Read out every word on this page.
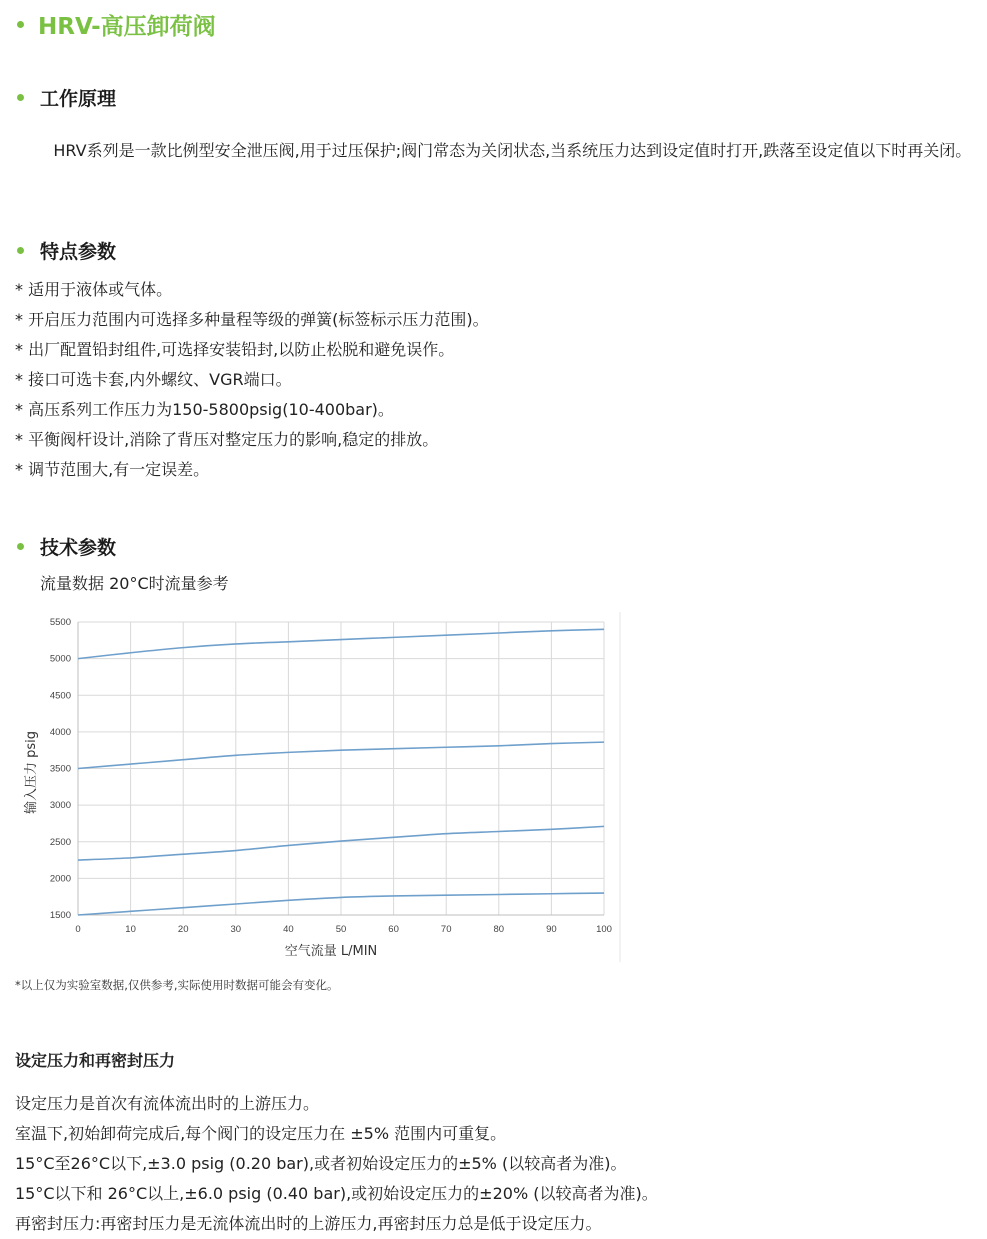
HRV-高压卸荷阀
工作原理
HRV系列是一款比例型安全泄压阀,用于过压保护;阀门常态为关闭状态,当系统压力达到设定值时打开,跌落至设定值以下时再关闭。
特点参数
* 适用于液体或气体。
* 开启压力范围内可选择多种量程等级的弹簧(标签标示压力范围)。
* 出厂配置铅封组件,可选择安装铅封,以防止松脱和避免误作。
* 接口可选卡套,内外螺纹、VGR端口。
* 高压系列工作压力为150-5800psig(10-400bar)。
* 平衡阀杆设计,消除了背压对整定压力的影响,稳定的排放。
* 调节范围大,有一定误差。
技术参数
流量数据 20°C时流量参考
1500
2000
2500
3000
3500
4000
4500
5000
5500
0	10	20	30	40	50	60	70	80	90	100
空气流量 L/MIN
输入压力 psig
*以上仅为实验室数据,仅供参考,实际使用时数据可能会有变化。
设定压力和再密封压力
设定压力是首次有流体流出时的上游压力。
室温下,初始卸荷完成后,每个阀门的设定压力在 ±5% 范围内可重复。
15°C至26°C以下,±3.0 psig (0.20 bar),或者初始设定压力的±5% (以较高者为准)。
15°C以下和 26°C以上,±6.0 psig (0.40 bar),或初始设定压力的±20% (以较高者为准)。
再密封压力:再密封压力是无流体流出时的上游压力,再密封压力总是低于设定压力。
